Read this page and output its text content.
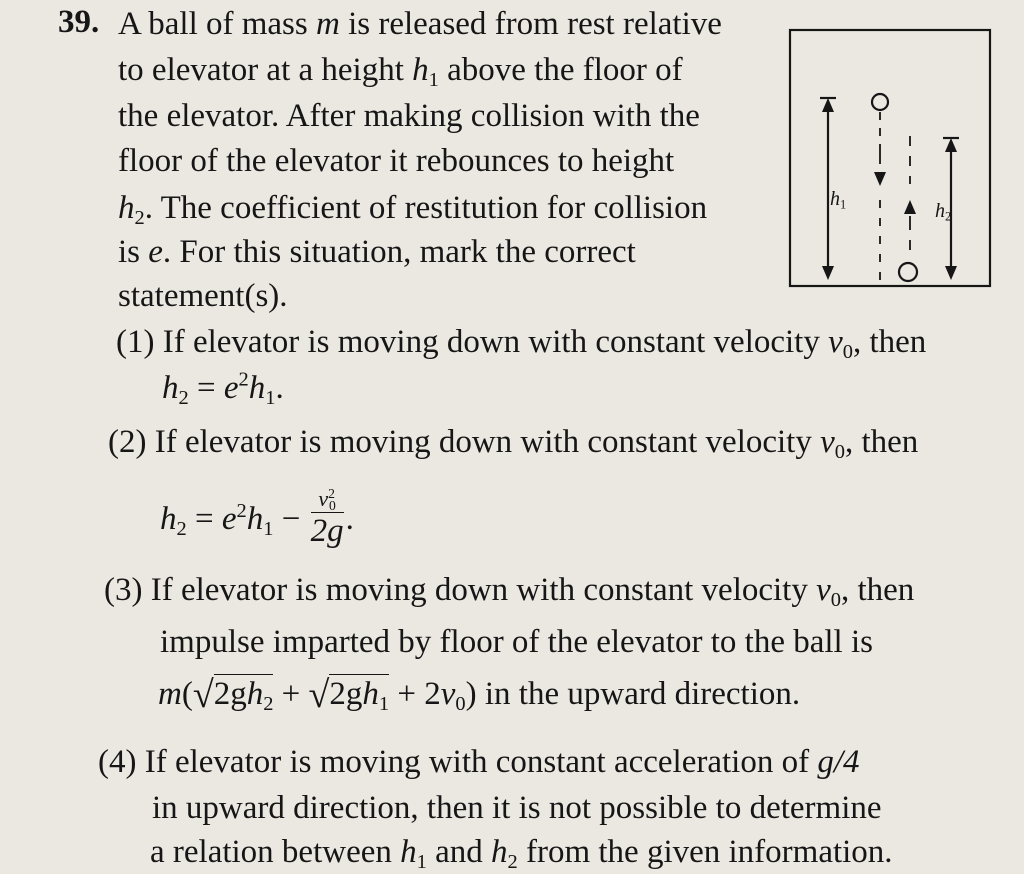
39. A ball of mass m is released from rest relative
to elevator at a height $h_1$ above the floor of
the elevator. After making collision with the
floor of the elevator it rebounces to height
$h_2$. The coefficient of restitution for collision
is e. For this situation, mark the correct
statement(s).
$h_1$	$h_2$
(1) If elevator is moving down with constant velocity $v_0$, then
$h_2 = e^2h_1$.
(2) If elevator is moving down with constant velocity $v_0$, then
$h_2 = e^2h_1 - \frac{v^2_0}{2g}$ .
(3) If elevator is moving down with constant velocity $v_0$, then
impulse imparted by floor of the elevator to the ball is
$m(√2gh_2 + √2gh_1 + 2v_0)$ in the upward direction.
(4) If elevator is moving with constant acceleration of g/4
in upward direction, then it is not possible to determine
a relation between $h_1$ and $h_2$ from the given information.
